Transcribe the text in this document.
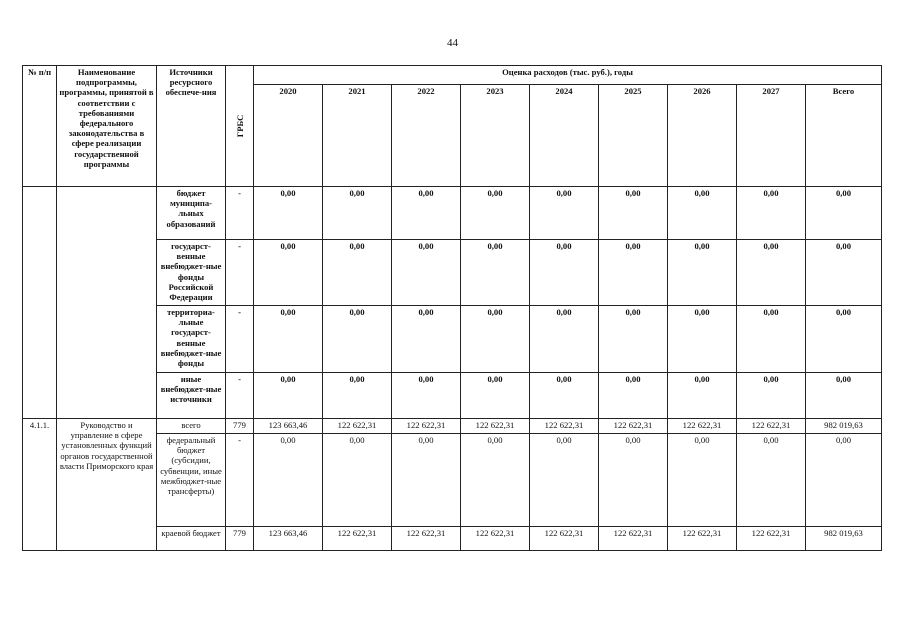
44
№ п/п	Наименование подпрограммы, программы, принятой в соответствии с требованиями федерального законодательства в сфере реализации государственной программы	Источники ресурсного обеспече-ния	ГРБС	Оценка расходов (тыс. руб.), годы								
				2020	2021	2022	2023	2024	2025	2026	2027	Всего
		бюджет муниципа-льных образований	-	0,00	0,00	0,00	0,00	0,00	0,00	0,00	0,00	0,00
		государст-венные внебюджет-ные фонды Российской Федерации	-	0,00	0,00	0,00	0,00	0,00	0,00	0,00	0,00	0,00
		территориа-льные государст-венные внебюджет-ные фонды	-	0,00	0,00	0,00	0,00	0,00	0,00	0,00	0,00	0,00
		иные внебюджет-ные источники	-	0,00	0,00	0,00	0,00	0,00	0,00	0,00	0,00	0,00
4.1.1.	Руководство и управление в сфере установленных функций органов государственной власти Приморского края	всего	779	123 663,46	122 622,31	122 622,31	122 622,31	122 622,31	122 622,31	122 622,31	122 622,31	982 019,63
		федеральный бюджет (субсидии, субвенции, иные межбюджет-ные трансферты)	-	0,00	0,00	0,00	0,00	0,00	0,00	0,00	0,00	0,00
		краевой бюджет	779	123 663,46	122 622,31	122 622,31	122 622,31	122 622,31	122 622,31	122 622,31	122 622,31	982 019,63
